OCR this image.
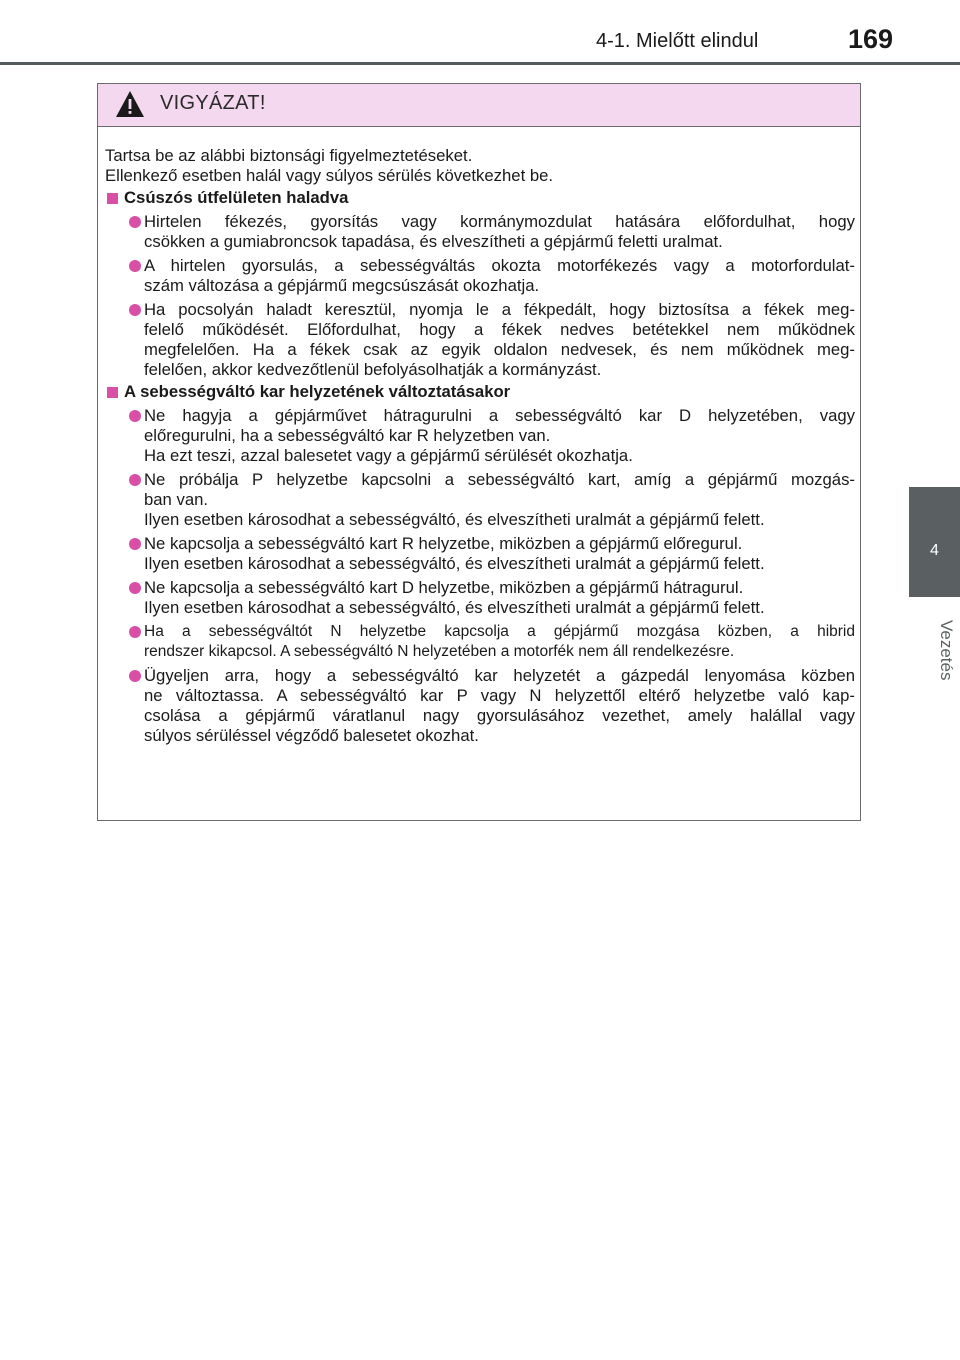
4-1. Mielőtt elindul	169
4
Vezetés
VIGYÁZAT!

Tartsa be az alábbi biztonsági figyelmeztetéseket.

Ellenkező esetben halál vagy súlyos sérülés következhet be.

Csúszós útfelületen haladva
Hirtelen fékezés, gyorsítás vagy kormánymozdulat hatására előfordulhat, hogy
csökken a gumiabroncsok tapadása, és elveszítheti a gépjármű feletti uralmat.
A hirtelen gyorsulás, a sebességváltás okozta motorfékezés vagy a motorfordulat-
szám változása a gépjármű megcsúszását okozhatja.
Ha pocsolyán haladt keresztül, nyomja le a fékpedált, hogy biztosítsa a fékek meg-
felelő működését. Előfordulhat, hogy a fékek nedves betétekkel nem működnek
megfelelően. Ha a fékek csak az egyik oldalon nedvesek, és nem működnek meg-
felelően, akkor kedvezőtlenül befolyásolhatják a kormányzást.
A sebességváltó kar helyzetének változtatásakor
Ne hagyja a gépjárművet hátragurulni a sebességváltó kar D helyzetében, vagy
előregurulni, ha a sebességváltó kar R helyzetben van.
Ha ezt teszi, azzal balesetet vagy a gépjármű sérülését okozhatja.
Ne próbálja P helyzetbe kapcsolni a sebességváltó kart, amíg a gépjármű mozgás-
ban van.
Ilyen esetben károsodhat a sebességváltó, és elveszítheti uralmát a gépjármű felett.
Ne kapcsolja a sebességváltó kart R helyzetbe, miközben a gépjármű előregurul.
Ilyen esetben károsodhat a sebességváltó, és elveszítheti uralmát a gépjármű felett.
Ne kapcsolja a sebességváltó kart D helyzetbe, miközben a gépjármű hátragurul.
Ilyen esetben károsodhat a sebességváltó, és elveszítheti uralmát a gépjármű felett.
Ha a sebességváltót N helyzetbe kapcsolja a gépjármű mozgása közben, a hibrid
rendszer kikapcsol. A sebességváltó N helyzetében a motorfék nem áll rendelkezésre.
Ügyeljen arra, hogy a sebességváltó kar helyzetét a gázpedál lenyomása közben
ne változtassa. A sebességváltó kar P vagy N helyzettől eltérő helyzetbe való kap-
csolása a gépjármű váratlanul nagy gyorsulásához vezethet, amely halállal vagy
súlyos sérüléssel végződő balesetet okozhat.
